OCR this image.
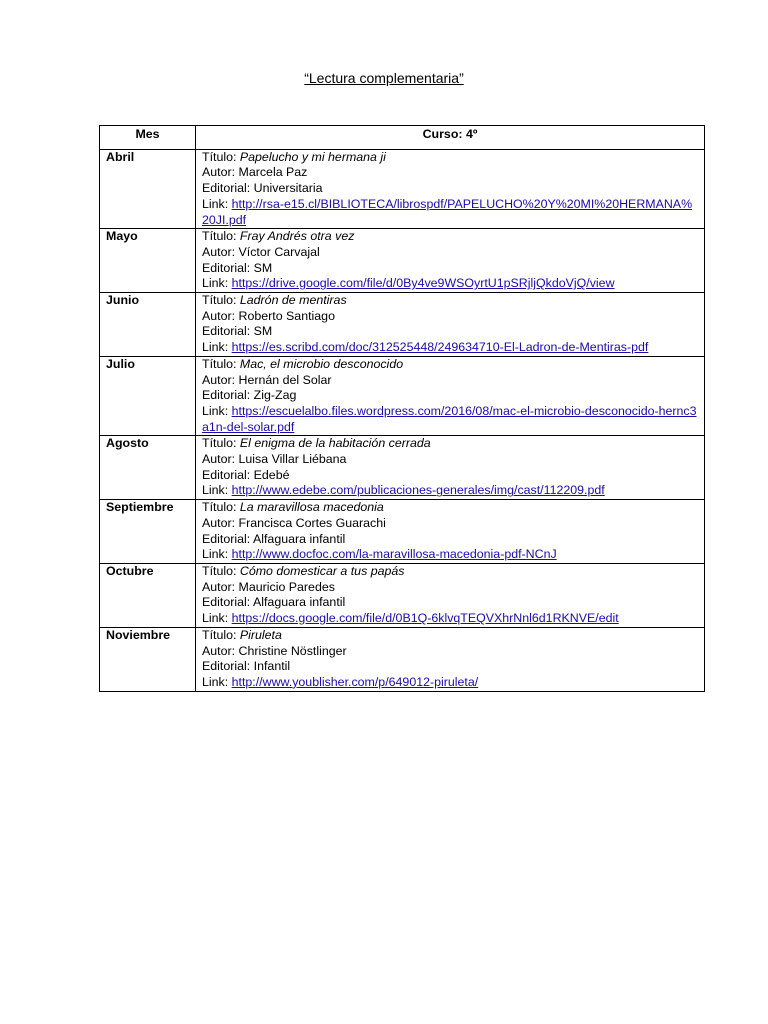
“Lectura complementaria”
Mes	Curso: 4º
Abril	Título: Papelucho y mi hermana ji
Autor: Marcela Paz
Editorial: Universitaria
Link: http://rsa-e15.cl/BIBLIOTECA/librospdf/PAPELUCHO%20Y%20MI%20HERMANA%20JI.pdf

Mayo	Título: Fray Andrés otra vez
Autor: Víctor Carvajal
Editorial: SM
Link: https://drive.google.com/file/d/0By4ve9WSOyrtU1pSRjljQkdoVjQ/view

Junio	Título: Ladrón de mentiras
Autor: Roberto Santiago
Editorial: SM
Link: https://es.scribd.com/doc/312525448/249634710-El-Ladron-de-Mentiras-pdf

Julio	Título: Mac, el microbio desconocido
Autor: Hernán del Solar
Editorial: Zig-Zag
Link: https://escuelalbo.files.wordpress.com/2016/08/mac-el-microbio-desconocido-hernc3a1n-del-solar.pdf

Agosto	Título: El enigma de la habitación cerrada
Autor: Luisa Villar Liébana
Editorial: Edebé
Link: http://www.edebe.com/publicaciones-generales/img/cast/112209.pdf

Septiembre	Título: La maravillosa macedonia
Autor: Francisca Cortes Guarachi
Editorial: Alfaguara infantil
Link: http://www.docfoc.com/la-maravillosa-macedonia-pdf-NCnJ

Octubre	Título: Cómo domesticar a tus papás
Autor: Mauricio Paredes
Editorial: Alfaguara infantil
Link: https://docs.google.com/file/d/0B1Q-6klvqTEQVXhrNnl6d1RKNVE/edit

Noviembre	Título: Piruleta
Autor: Christine Nöstlinger
Editorial: Infantil
Link: http://www.youblisher.com/p/649012-piruleta/
